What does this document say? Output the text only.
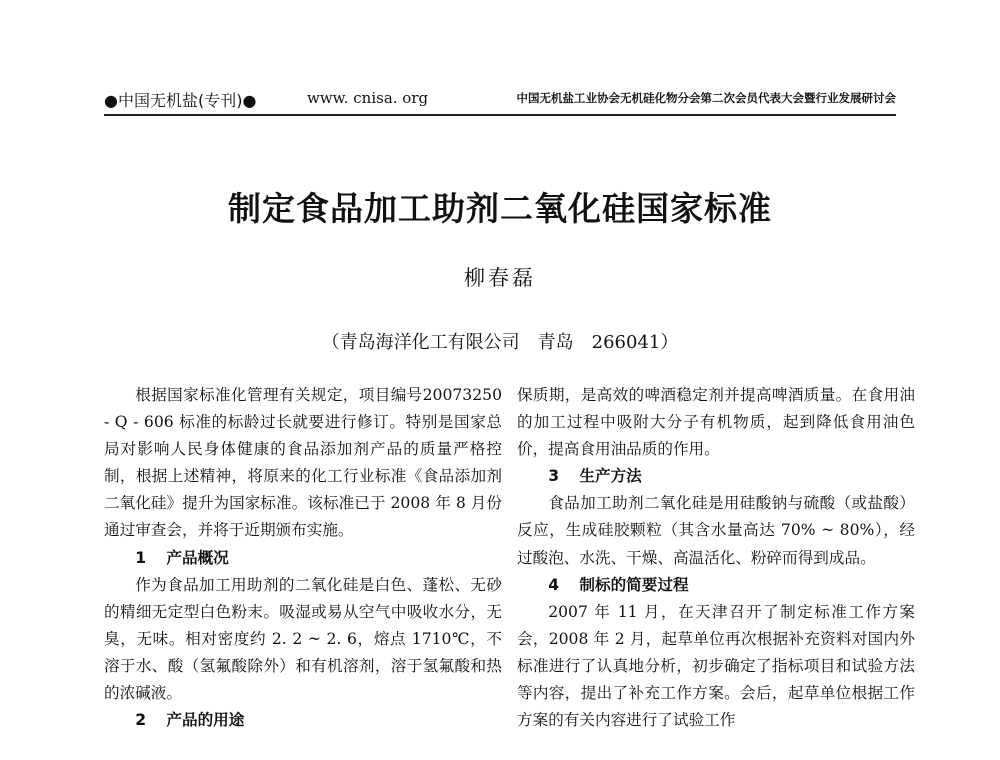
●中国无机盐(专刊)●	www. cnisa. org	中国无机盐工业协会无机硅化物分会第二次会员代表大会暨行业发展研讨会
制定食品加工助剂二氧化硅国家标准
柳春磊
（青岛海洋化工有限公司　青岛　266041）

根据国家标准化管理有关规定，项目编号20073250 - Q - 606 标准的标龄过长就要进行修订。特别是国家总局对影响人民身体健康的食品添加剂产品的质量严格控制，根据上述精神，将原来的化工行业标准《食品添加剂二氧化硅》提升为国家标准。该标准已于 2008 年 8 月份通过审查会，并将于近期颁布实施。

1 产品概况

作为食品加工用助剂的二氧化硅是白色、蓬松、无砂的精细无定型白色粉末。吸湿或易从空气中吸收水分，无臭，无味。相对密度约 2. 2 ~ 2. 6，熔点 1710℃，不溶于水、酸（氢氟酸除外）和有机溶剂，溶于氢氟酸和热的浓碱液。

2 产品的用途

保质期，是高效的啤酒稳定剂并提高啤酒质量。在食用油的加工过程中吸附大分子有机物质，起到降低食用油色价，提高食用油品质的作用。

3 生产方法

食品加工助剂二氧化硅是用硅酸钠与硫酸（或盐酸）反应，生成硅胶颗粒（其含水量高达 70% ~ 80%），经过酸泡、水洗、干燥、高温活化、粉碎而得到成品。

4 制标的简要过程

2007 年 11 月，在天津召开了制定标准工作方案会，2008 年 2 月，起草单位再次根据补充资料对国内外标准进行了认真地分析，初步确定了指标项目和试验方法等内容，提出了补充工作方案。会后，起草单位根据工作方案的有关内容进行了试验工作
